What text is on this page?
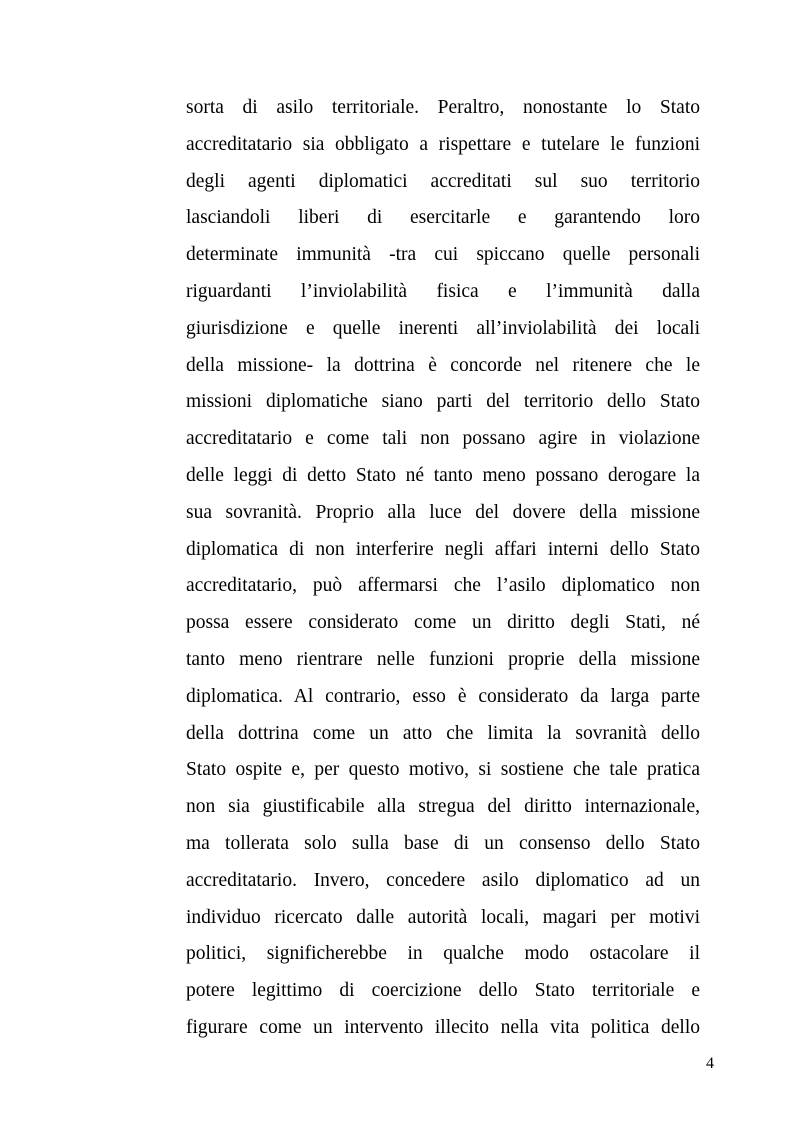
sorta di asilo territoriale. Peraltro, nonostante lo Stato
accreditatario sia obbligato a rispettare e tutelare le funzioni
degli agenti diplomatici accreditati sul suo territorio
lasciandoli liberi di esercitarle e garantendo loro
determinate immunità -tra cui spiccano quelle personali
riguardanti l’inviolabilità fisica e l’immunità dalla
giurisdizione e quelle inerenti all’inviolabilità dei locali
della missione- la dottrina è concorde nel ritenere che le
missioni diplomatiche siano parti del territorio dello Stato
accreditatario e come tali non possano agire in violazione
delle leggi di detto Stato né tanto meno possano derogare la
sua sovranità. Proprio alla luce del dovere della missione
diplomatica di non interferire negli affari interni dello Stato
accreditatario, può affermarsi che l’asilo diplomatico non
possa essere considerato come un diritto degli Stati, né
tanto meno rientrare nelle funzioni proprie della missione
diplomatica. Al contrario, esso è considerato da larga parte
della dottrina come un atto che limita la sovranità dello
Stato ospite e, per questo motivo, si sostiene che tale pratica
non sia giustificabile alla stregua del diritto internazionale,
ma tollerata solo sulla base di un consenso dello Stato
accreditatario. Invero, concedere asilo diplomatico ad un
individuo ricercato dalle autorità locali, magari per motivi
politici, significherebbe in qualche modo ostacolare il
potere legittimo di coercizione dello Stato territoriale e
figurare come un intervento illecito nella vita politica dello
4
